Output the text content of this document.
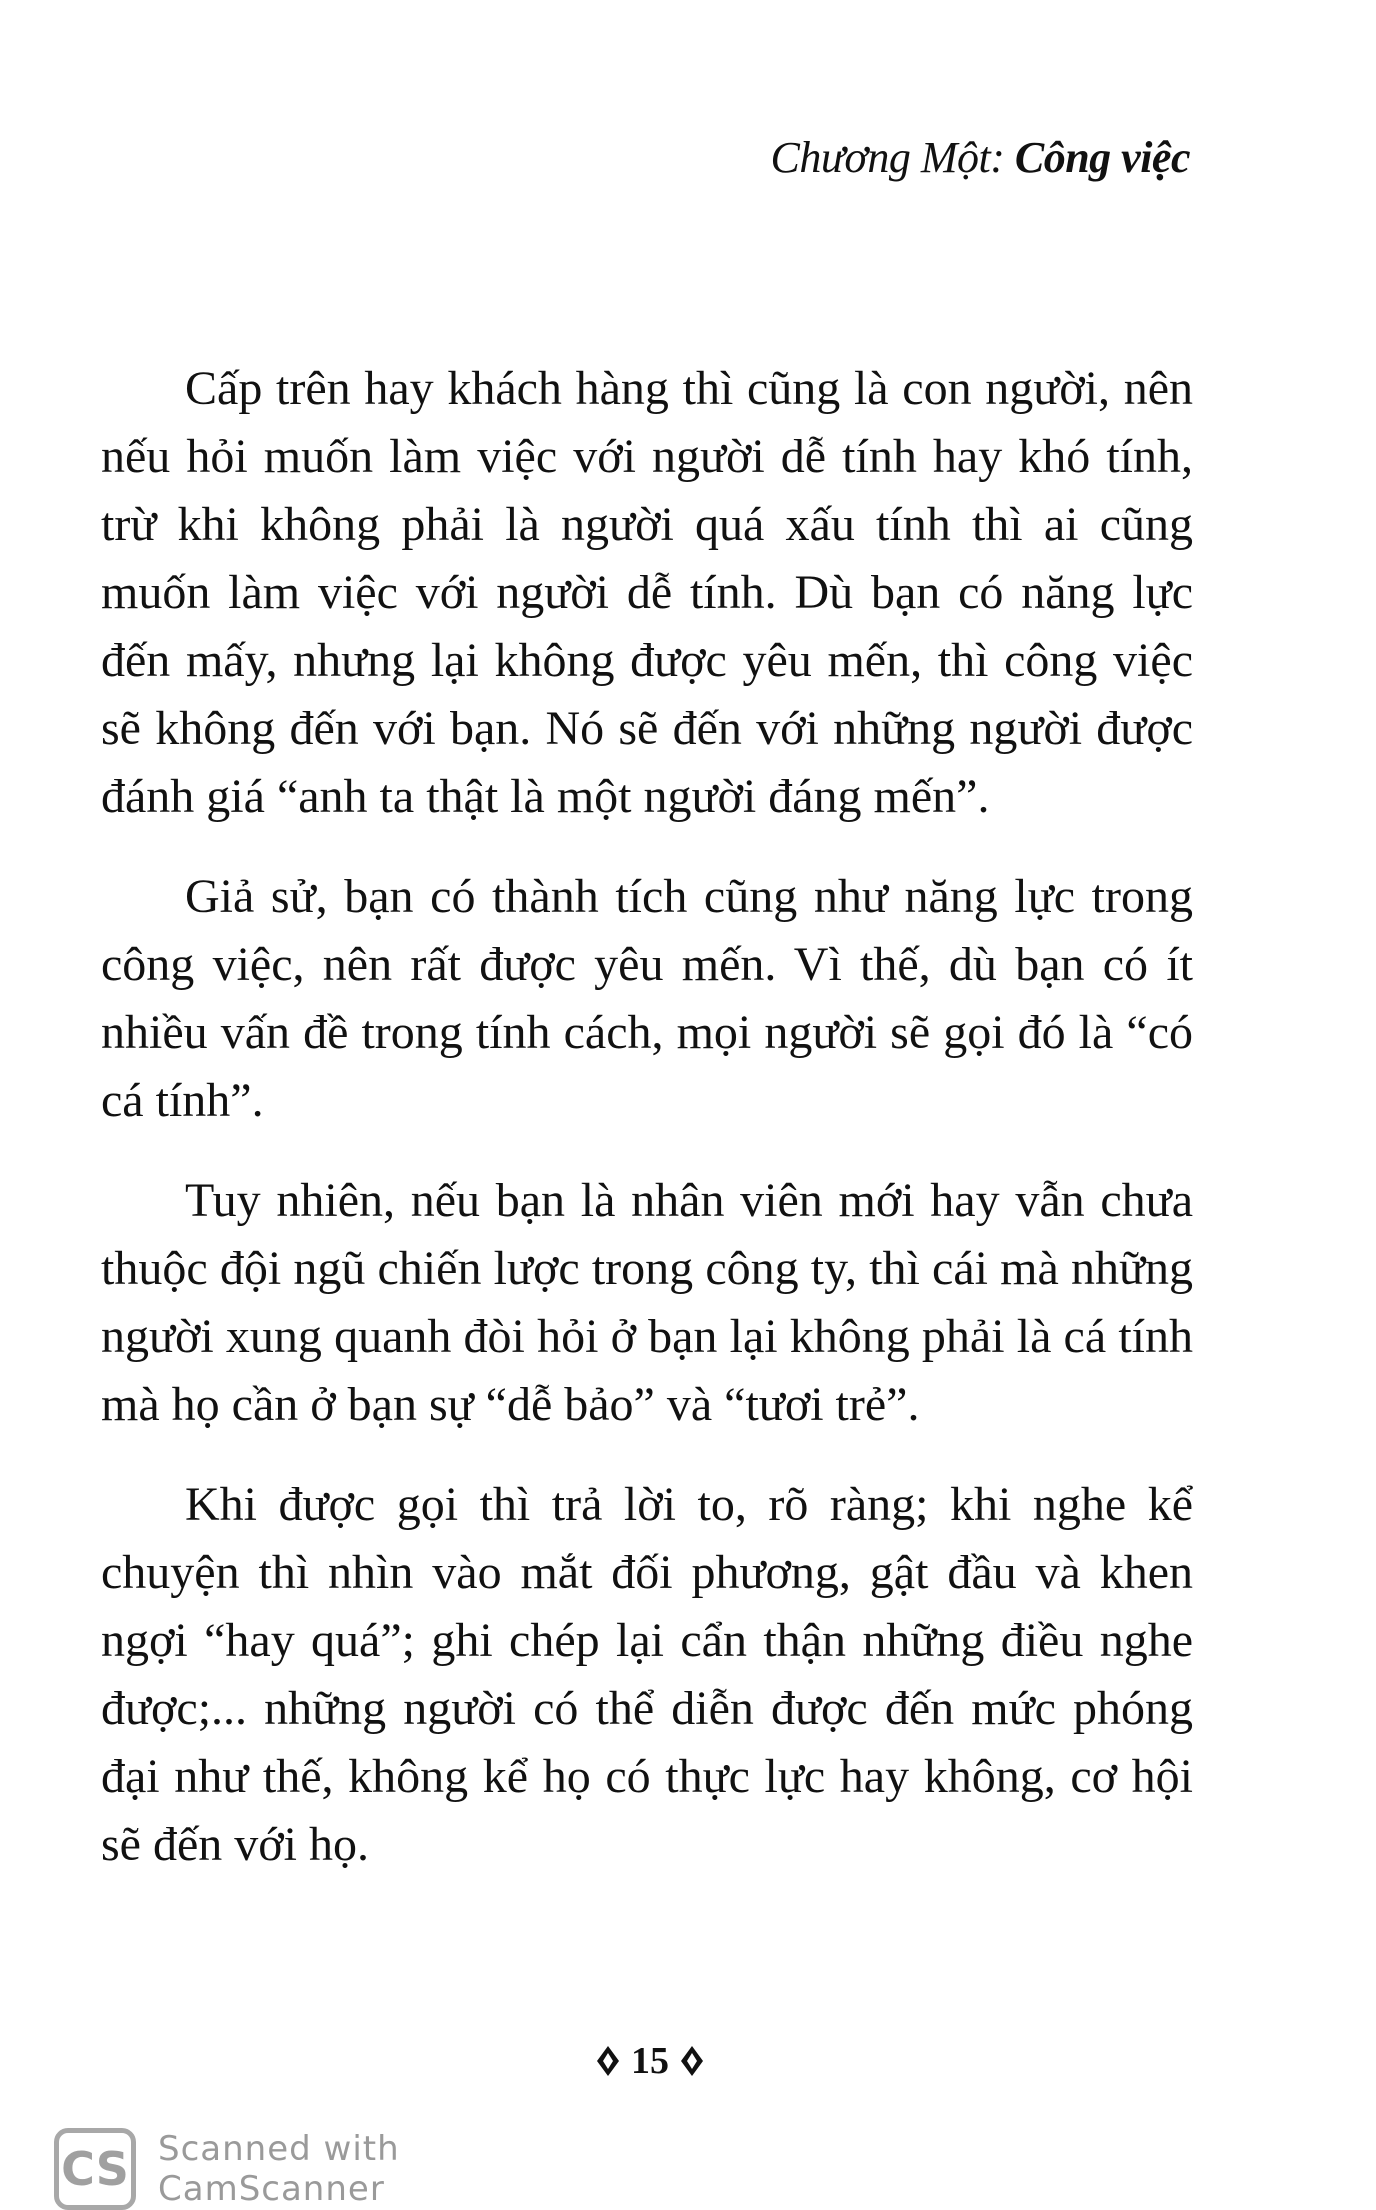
Chương Một: Công việc

Cấp trên hay khách hàng thì cũng là con người, nên nếu hỏi muốn làm việc với người dễ tính hay khó tính, trừ khi không phải là người quá xấu tính thì ai cũng muốn làm việc với người dễ tính. Dù bạn có năng lực đến mấy, nhưng lại không được yêu mến, thì công việc sẽ không đến với bạn. Nó sẽ đến với những người được đánh giá “anh ta thật là một người đáng mến”.

Giả sử, bạn có thành tích cũng như năng lực trong công việc, nên rất được yêu mến. Vì thế, dù bạn có ít nhiều vấn đề trong tính cách, mọi người sẽ gọi đó là “có cá tính”.

Tuy nhiên, nếu bạn là nhân viên mới hay vẫn chưa thuộc đội ngũ chiến lược trong công ty, thì cái mà những người xung quanh đòi hỏi ở bạn lại không phải là cá tính mà họ cần ở bạn sự “dễ bảo” và “tươi trẻ”.

Khi được gọi thì trả lời to, rõ ràng; khi nghe kể chuyện thì nhìn vào mắt đối phương, gật đầu và khen ngợi “hay quá”; ghi chép lại cẩn thận những điều nghe được;... những người có thể diễn được đến mức phóng đại như thế, không kể họ có thực lực hay không, cơ hội sẽ đến với họ.

15
CS Scanned with
CamScanner
